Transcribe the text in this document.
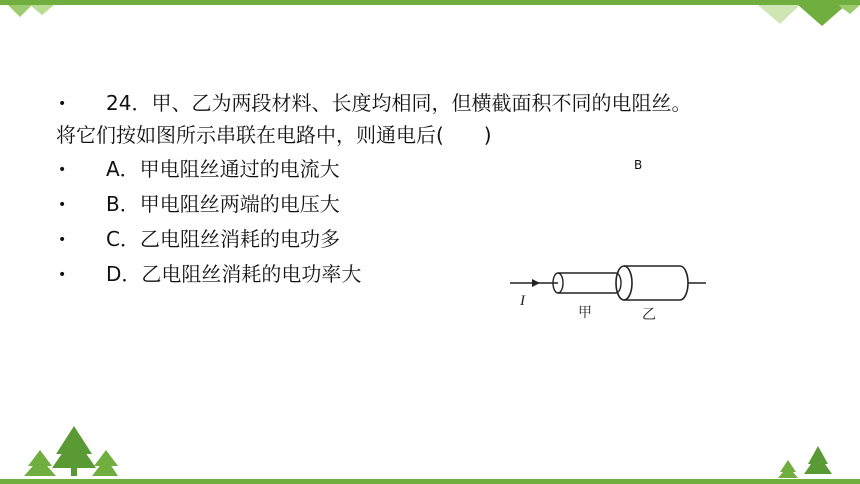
• 24．甲、乙为两段材料、长度均相同，但横截面积不同的电阻丝。
将它们按如图所示串联在电路中，则通电后(　　)
• A．甲电阻丝通过的电流大
• B．甲电阻丝两端的电压大
• C．乙电阻丝消耗的电功多
• D．乙电阻丝消耗的电功率大
B
I
甲	乙
